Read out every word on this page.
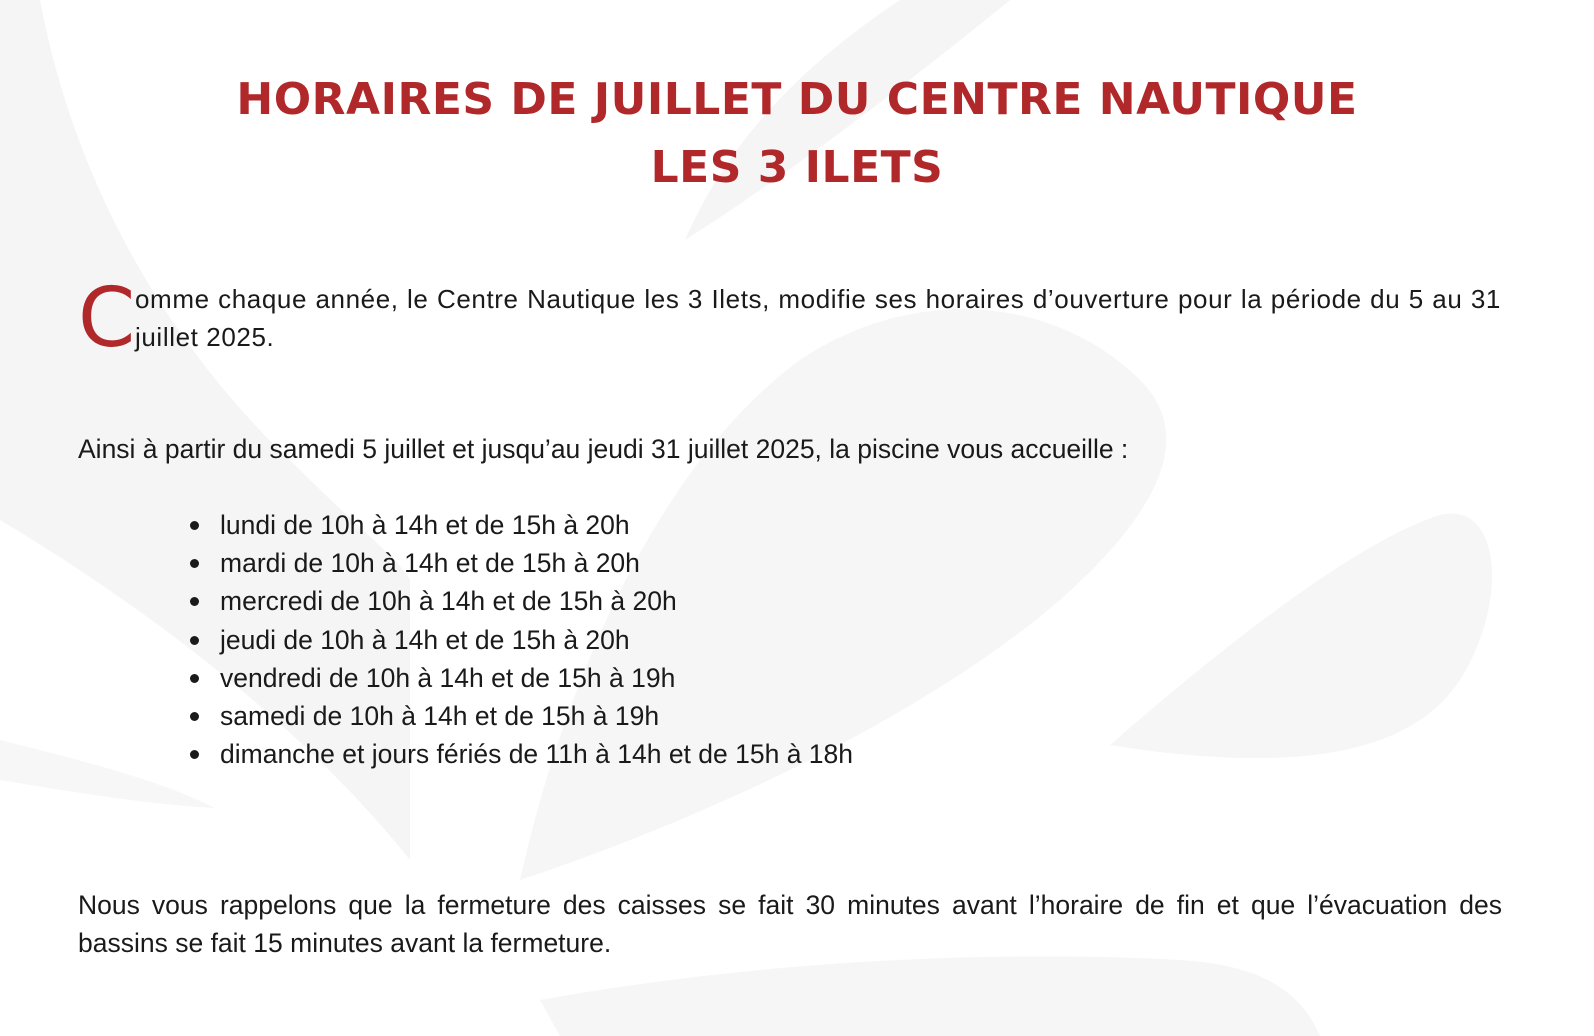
HORAIRES DE JUILLET DU CENTRE NAUTIQUE
LES 3 ILETS
C omme chaque année, le Centre Nautique les 3 Ilets, modifie ses horaires d’ouverture pour la période du 5 au 31 juillet 2025.

Ainsi à partir du samedi 5 juillet et jusqu’au jeudi 31 juillet 2025, la piscine vous accueille :

lundi de 10h à 14h et de 15h à 20h
mardi de 10h à 14h et de 15h à 20h
mercredi de 10h à 14h et de 15h à 20h
jeudi de 10h à 14h et de 15h à 20h
vendredi de 10h à 14h et de 15h à 19h
samedi de 10h à 14h et de 15h à 19h
dimanche et jours fériés de 11h à 14h et de 15h à 18h

Nous vous rappelons que la fermeture des caisses se fait 30 minutes avant l’horaire de fin et que l’évacuation des bassins se fait 15 minutes avant la fermeture.
